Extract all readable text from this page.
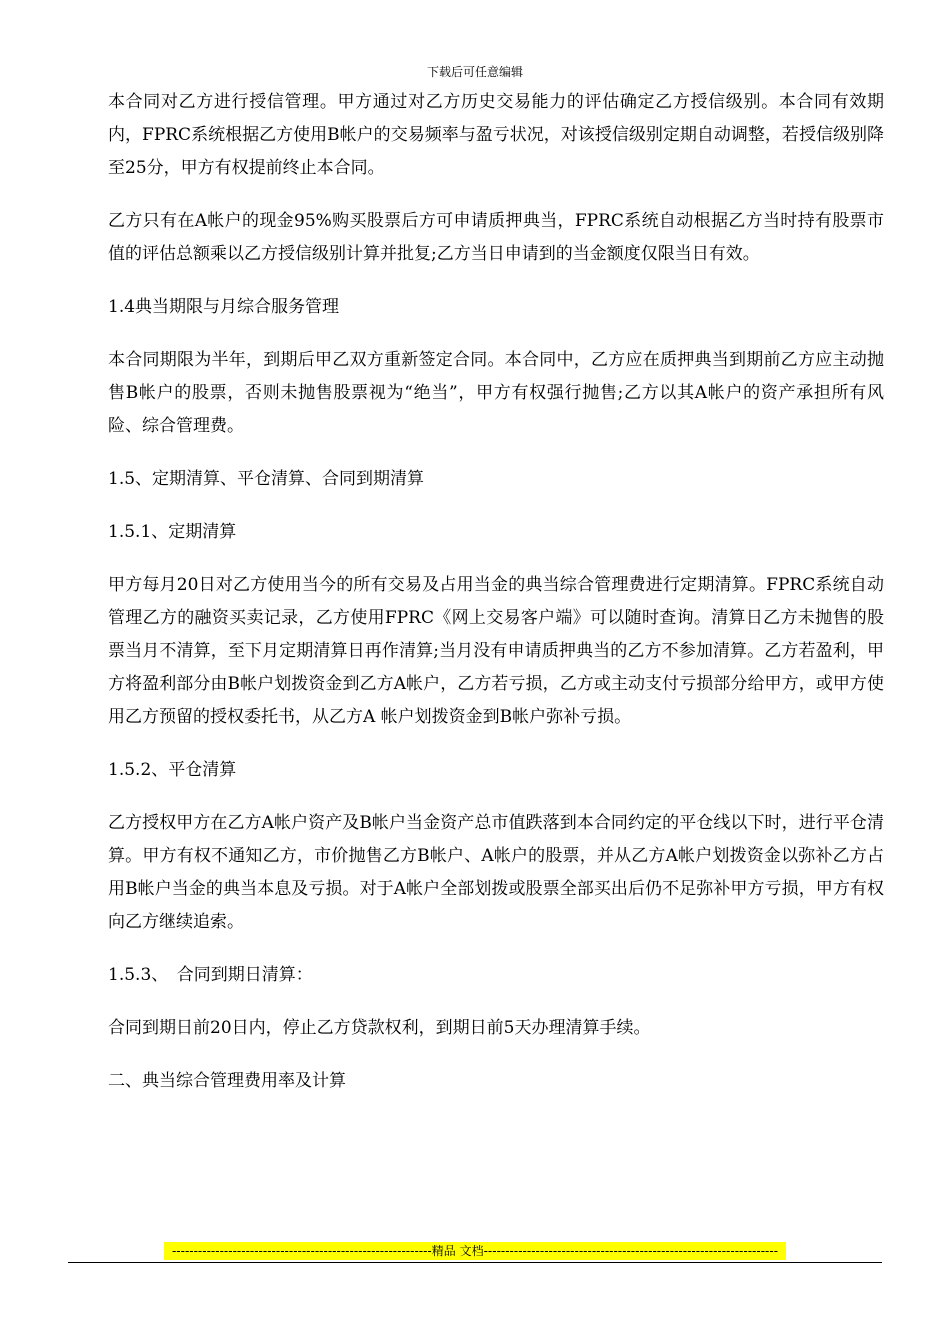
下载后可任意编辑

本合同对乙方进行授信管理。甲方通过对乙方历史交易能力的评估确定乙方授信级别。本合同有效期内，FPRC系统根据乙方使用B帐户的交易频率与盈亏状况，对该授信级别定期自动调整，若授信级别降至25分，甲方有权提前终止本合同。

乙方只有在A帐户的现金95%购买股票后方可申请质押典当，FPRC系统自动根据乙方当时持有股票市值的评估总额乘以乙方授信级别计算并批复;乙方当日申请到的当金额度仅限当日有效。

1.4典当期限与月综合服务管理

本合同期限为半年，到期后甲乙双方重新签定合同。本合同中，乙方应在质押典当到期前乙方应主动抛售B帐户的股票，否则未抛售股票视为“绝当”，甲方有权强行抛售;乙方以其A帐户的资产承担所有风险、综合管理费。

1.5、定期清算、平仓清算、合同到期清算

1.5.1、定期清算

甲方每月20日对乙方使用当今的所有交易及占用当金的典当综合管理费进行定期清算。FPRC系统自动管理乙方的融资买卖记录，乙方使用FPRC《网上交易客户端》可以随时查询。清算日乙方未抛售的股票当月不清算，至下月定期清算日再作清算;当月没有申请质押典当的乙方不参加清算。乙方若盈利，甲方将盈利部分由B帐户划拨资金到乙方A帐户，乙方若亏损，乙方或主动支付亏损部分给甲方，或甲方使用乙方预留的授权委托书，从乙方A 帐户划拨资金到B帐户弥补亏损。

1.5.2、平仓清算

乙方授权甲方在乙方A帐户资产及B帐户当金资产总市值跌落到本合同约定的平仓线以下时，进行平仓清算。甲方有权不通知乙方，市价抛售乙方B帐户、A帐户的股票，并从乙方A帐户划拨资金以弥补乙方占用B帐户当金的典当本息及亏损。对于A帐户全部划拨或股票全部买出后仍不足弥补甲方亏损，甲方有权向乙方继续追索。

1.5.3、　合同到期日清算：

合同到期日前20日内，停止乙方贷款权利，到期日前5天办理清算手续。

二、典当综合管理费用率及计算

------------------------------------------------------------精品 文档--------------------------------------------------------------------
